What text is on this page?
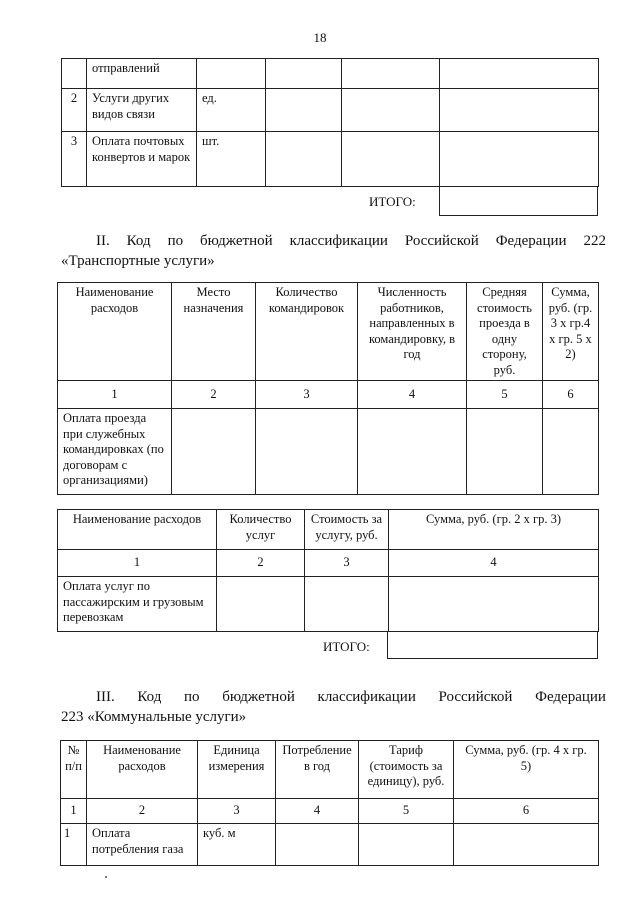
18
	отправлений				
2	Услуги других видов связи	ед.			
3	Оплата почтовых конвертов и марок	шт.			
ИТОГО:
II. Код по бюджетной классификации Российской Федерации 222
«Транспортные услуги»
Наименование расходов	Место назначения	Количество командировок	Численность работников, направленных в командировку, в год	Средняя стоимость проезда в одну сторону, руб.	Сумма, руб. (гр. 3 х гр.4 х гр. 5 х 2)
1	2	3	4	5	6
Оплата проезда при служебных командировках (по договорам с организациями)					
Наименование расходов	Количество услуг	Стоимость за услугу, руб.	Сумма, руб. (гр. 2 х гр. 3)
1	2	3	4
Оплата услуг по пассажирским и грузовым перевозкам			
ИТОГО:
III. Код по бюджетной классификации Российской Федерации
223 «Коммунальные услуги»
№ п/п	Наименование расходов	Единица измерения	Потребление в год	Тариф (стоимость за единицу), руб.	Сумма, руб. (гр. 4 х гр. 5)
1	2	3	4	5	6
1	Оплата потребления газа	куб. м			
